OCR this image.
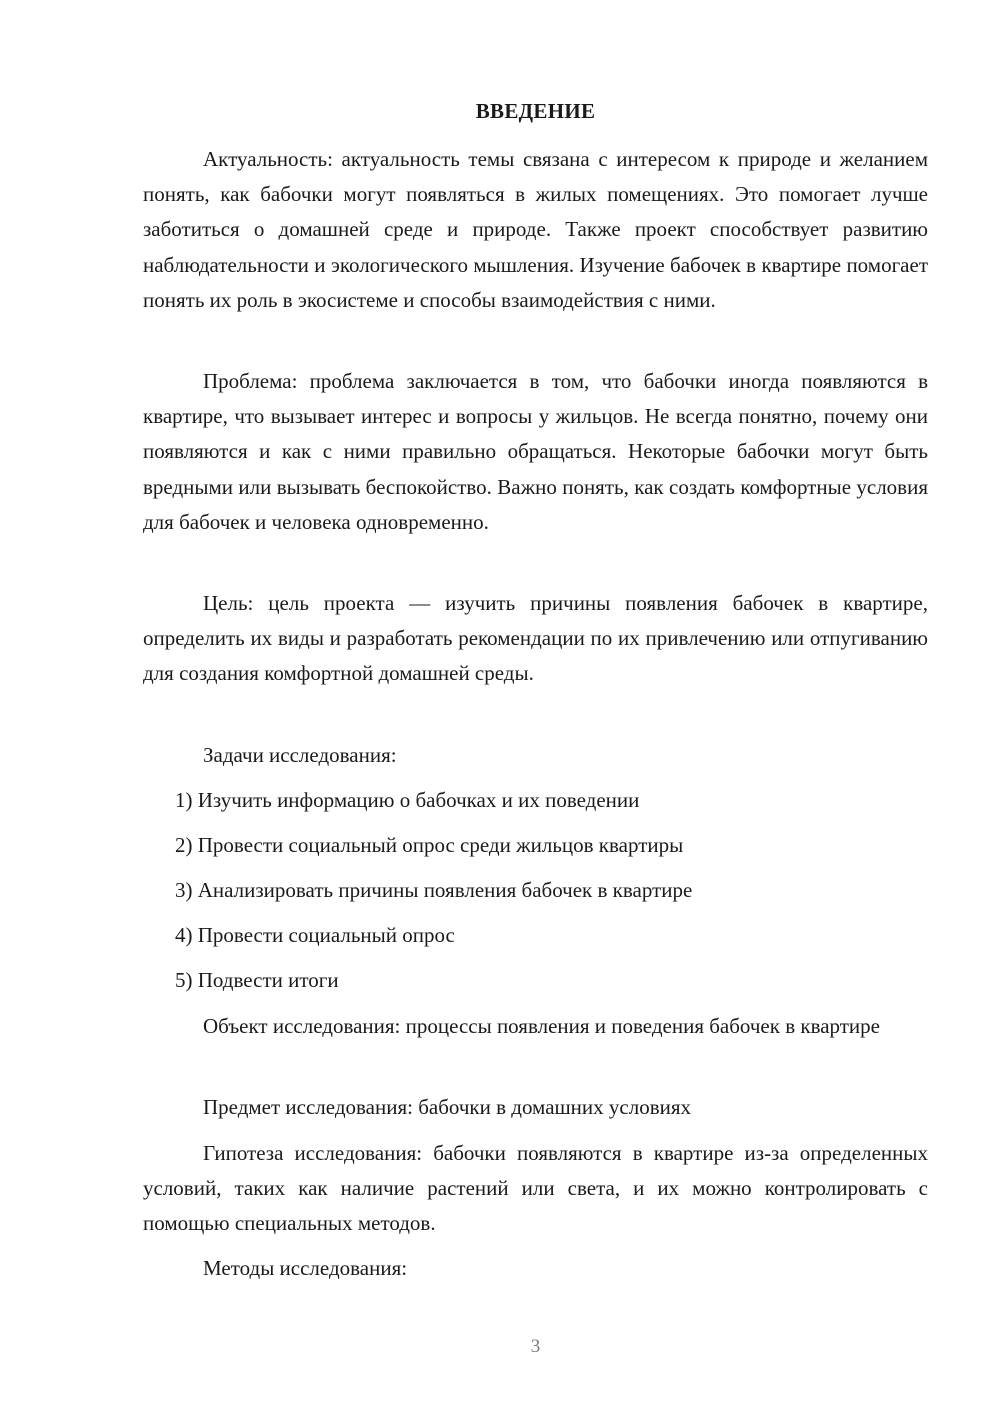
ВВЕДЕНИЕ

Актуальность: актуальность темы связана с интересом к природе и желанием понять, как бабочки могут появляться в жилых помещениях. Это помогает лучше заботиться о домашней среде и природе. Также проект способствует развитию наблюдательности и экологического мышления. Изучение бабочек в квартире помогает понять их роль в экосистеме и способы взаимодействия с ними.

Проблема: проблема заключается в том, что бабочки иногда появляются в квартире, что вызывает интерес и вопросы у жильцов. Не всегда понятно, почему они появляются и как с ними правильно обращаться. Некоторые бабочки могут быть вредными или вызывать беспокойство. Важно понять, как создать комфортные условия для бабочек и человека одновременно.

Цель: цель проекта — изучить причины появления бабочек в квартире, определить их виды и разработать рекомендации по их привлечению или отпугиванию для создания комфортной домашней среды.

Задачи исследования:

1) Изучить информацию о бабочках и их поведении

2) Провести социальный опрос среди жильцов квартиры

3) Анализировать причины появления бабочек в квартире

4) Провести социальный опрос

5) Подвести итоги

Объект исследования: процессы появления и поведения бабочек в квартире

Предмет исследования: бабочки в домашних условиях

Гипотеза исследования: бабочки появляются в квартире из-за определенных условий, таких как наличие растений или света, и их можно контролировать с помощью специальных методов.

Методы исследования:

3
